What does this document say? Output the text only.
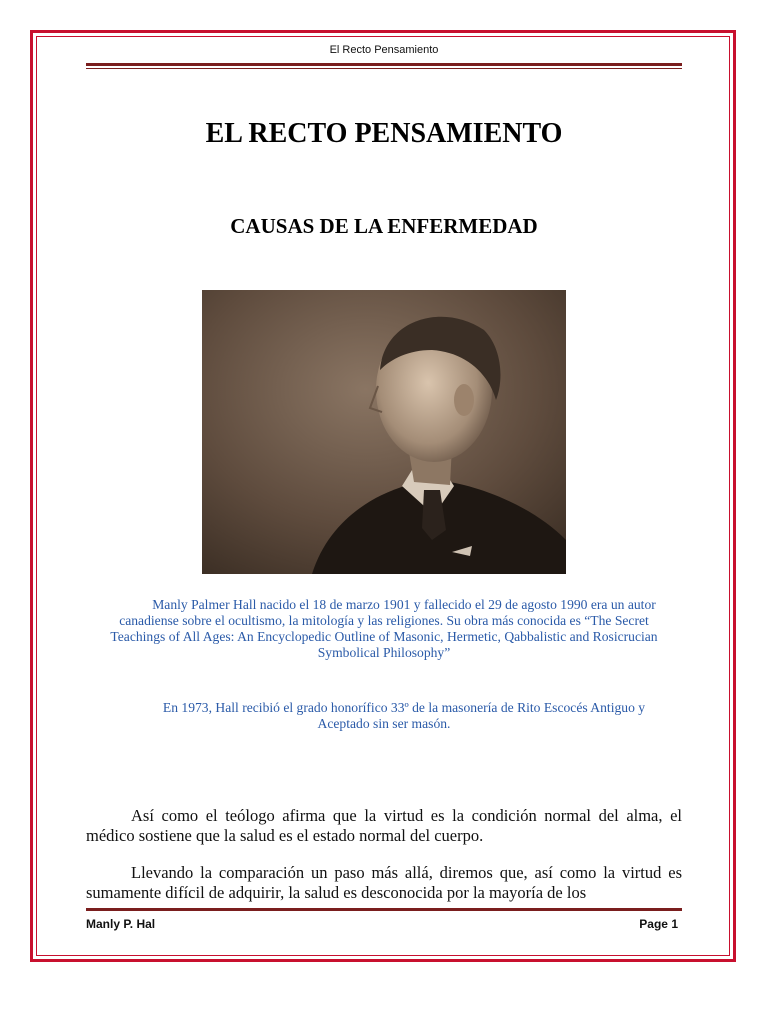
El Recto Pensamiento
EL RECTO PENSAMIENTO
CAUSAS DE LA ENFERMEDAD
Manly Palmer Hall nacido el 18 de marzo 1901 y fallecido el 29 de agosto 1990 era un autor canadiense sobre el ocultismo, la mitología y las religiones. Su obra más conocida es “The Secret Teachings of All Ages: An Encyclopedic Outline of Masonic, Hermetic, Qabbalistic and Rosicrucian Symbolical Philosophy”
En 1973, Hall recibió el grado honorífico 33º de la masonería de Rito Escocés Antiguo y Aceptado sin ser masón.
Así como el teólogo afirma que la virtud es la condición normal del alma, el médico sostiene que la salud es el estado normal del cuerpo.
Llevando la comparación un paso más allá, diremos que, así como la virtud es sumamente difícil de adquirir, la salud es desconocida por la mayoría de los
Manly P. Hal	Page 1
